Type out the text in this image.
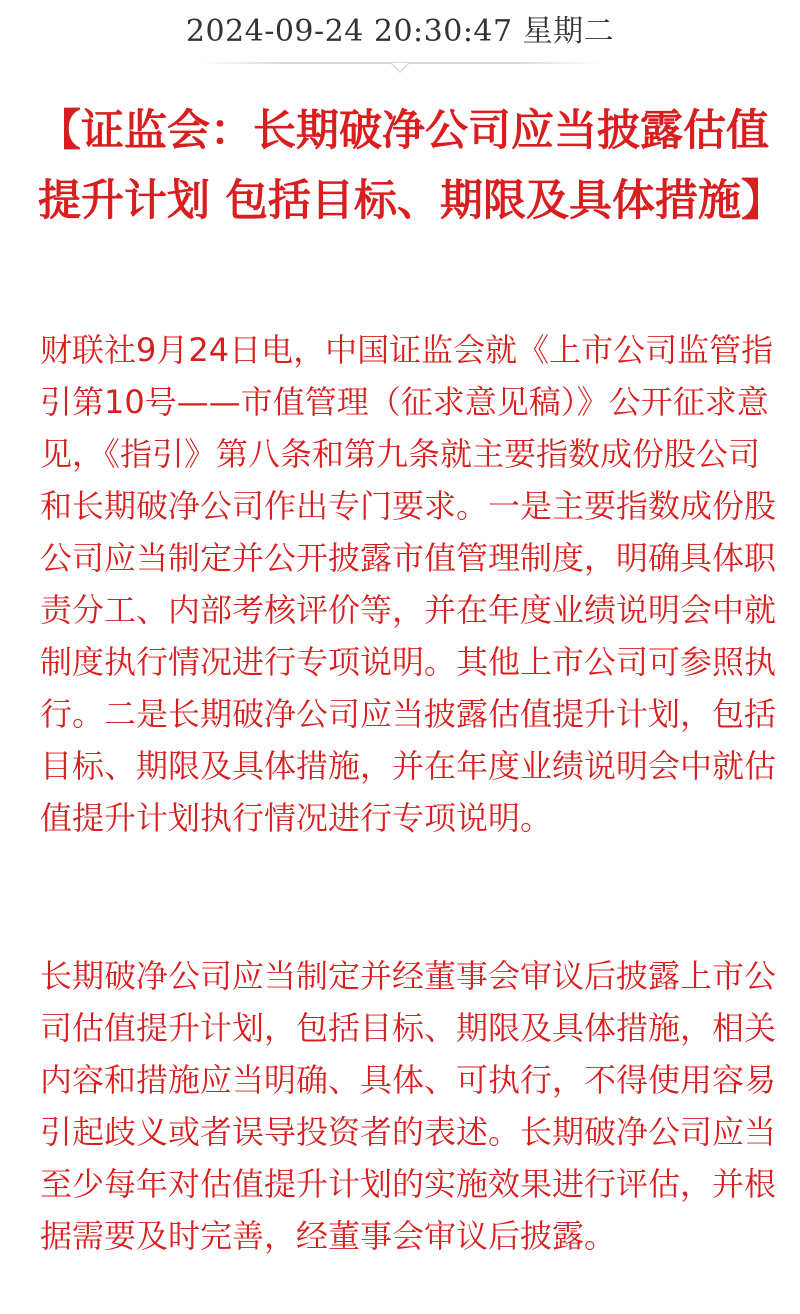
2024-09-24 20:30:47 星期二
【证监会：长期破净公司应当披露估值提升计划 包括目标、期限及具体措施】

财联社9月24日电，中国证监会就《上市公司监管指引第10号——市值管理（征求意见稿）》公开征求意见，《指引》第八条和第九条就主要指数成份股公司和长期破净公司作出专门要求。一是主要指数成份股公司应当制定并公开披露市值管理制度，明确具体职责分工、内部考核评价等，并在年度业绩说明会中就制度执行情况进行专项说明。其他上市公司可参照执行。二是长期破净公司应当披露估值提升计划，包括目标、期限及具体措施，并在年度业绩说明会中就估值提升计划执行情况进行专项说明。

长期破净公司应当制定并经董事会审议后披露上市公司估值提升计划，包括目标、期限及具体措施，相关内容和措施应当明确、具体、可执行，不得使用容易引起歧义或者误导投资者的表述。长期破净公司应当至少每年对估值提升计划的实施效果进行评估，并根据需要及时完善，经董事会审议后披露。
